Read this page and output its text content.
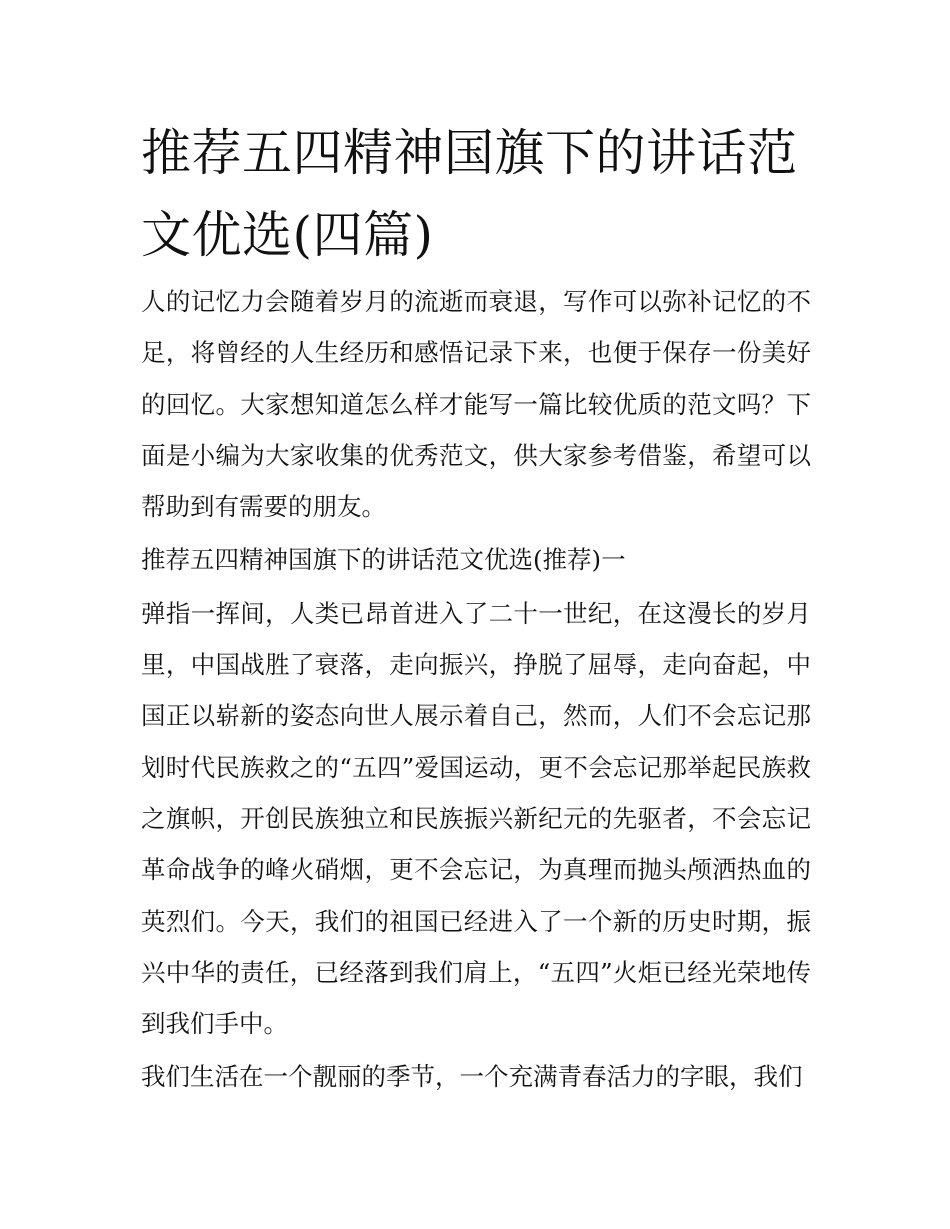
推荐五四精神国旗下的讲话范文优选(四篇)

人的记忆力会随着岁月的流逝而衰退，写作可以弥补记忆的不足，将曾经的人生经历和感悟记录下来，也便于保存一份美好的回忆。大家想知道怎么样才能写一篇比较优质的范文吗？下面是小编为大家收集的优秀范文，供大家参考借鉴，希望可以帮助到有需要的朋友。

推荐五四精神国旗下的讲话范文优选(推荐)一

弹指一挥间，人类已昂首进入了二十一世纪，在这漫长的岁月里，中国战胜了衰落，走向振兴，挣脱了屈辱，走向奋起，中国正以崭新的姿态向世人展示着自己，然而，人们不会忘记那划时代民族救之的“五四”爱国运动，更不会忘记那举起民族救之旗帜，开创民族独立和民族振兴新纪元的先驱者，不会忘记革命战争的峰火硝烟，更不会忘记，为真理而抛头颅洒热血的英烈们。今天，我们的祖国已经进入了一个新的历史时期，振兴中华的责任，已经落到我们肩上，“五四”火炬已经光荣地传到我们手中。

我们生活在一个靓丽的季节，一个充满青春活力的字眼，我们
